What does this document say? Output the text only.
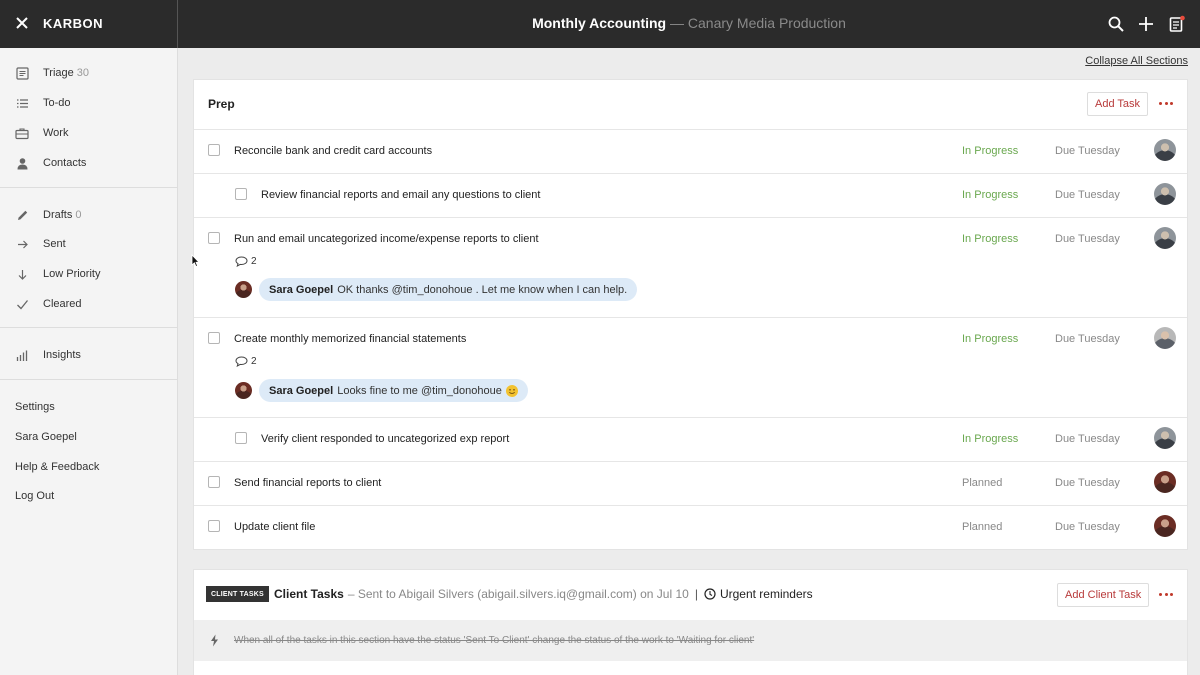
KARBON	Monthly Accounting — Canary Media Production
Triage 30
To-do
Work
Contacts
Drafts 0
Sent
Low Priority
Cleared
Insights
Settings
Sara Goepel
Help & Feedback
Log Out
Collapse All Sections
Prep	Add Task
Reconcile bank and credit card accounts	In Progress	Due Tuesday
Review financial reports and email any questions to client	In Progress	Due Tuesday
Run and email uncategorized income/expense reports to client	In Progress	Due Tuesday
2
Sara Goepel OK thanks @tim_donohoue . Let me know when I can help.
Create monthly memorized financial statements	In Progress	Due Tuesday
2
Sara Goepel Looks fine to me @tim_donohoue
Verify client responded to uncategorized exp report	In Progress	Due Tuesday
Send financial reports to client	Planned	Due Tuesday
Update client file	Planned	Due Tuesday
CLIENT TASKS Client Tasks – Sent to Abigail Silvers (abigail.silvers.iq@gmail.com) on Jul 10 | Urgent reminders	Add Client Task
When all of the tasks in this section have the status 'Sent To Client' change the status of the work to 'Waiting for client'
